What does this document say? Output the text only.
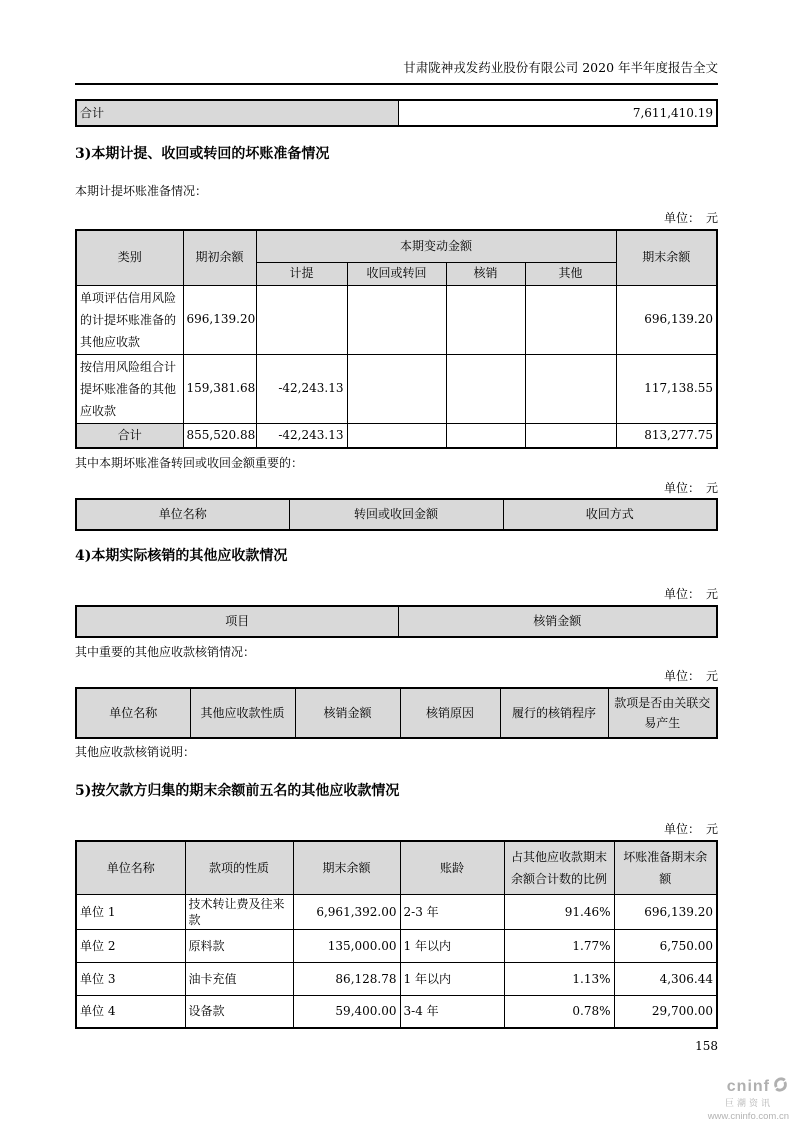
甘肃陇神戎发药业股份有限公司 2020 年半年度报告全文
合计	7,611,410.19
3)本期计提、收回或转回的坏账准备情况
本期计提坏账准备情况：
单位：　元
类别	期初余额	本期变动金额				期末余额
		计提	收回或转回	核销	其他	
单项评估信用风险的计提坏账准备的其他应收款	696,139.20					696,139.20
按信用风险组合计提坏账准备的其他应收款	159,381.68	-42,243.13				117,138.55
合计	855,520.88	-42,243.13				813,277.75
其中本期坏账准备转回或收回金额重要的：
单位：　元
单位名称	转回或收回金额	收回方式
4)本期实际核销的其他应收款情况
单位：　元
项目	核销金额
其中重要的其他应收款核销情况：
单位：　元
单位名称	其他应收款性质	核销金额	核销原因	履行的核销程序	款项是否由关联交易产生
其他应收款核销说明：
5)按欠款方归集的期末余额前五名的其他应收款情况
单位：　元
单位名称	款项的性质	期末余额	账龄	占其他应收款期末余额合计数的比例	坏账准备期末余额
单位 1	技术转让费及往来款	6,961,392.00	2-3 年	91.46%	696,139.20
单位 2	原料款	135,000.00	1 年以内	1.77%	6,750.00
单位 3	油卡充值	86,128.78	1 年以内	1.13%	4,306.44
单位 4	设备款	59,400.00	3-4 年	0.78%	29,700.00
158
cninf
巨潮资讯
www.cninfo.com.cn
